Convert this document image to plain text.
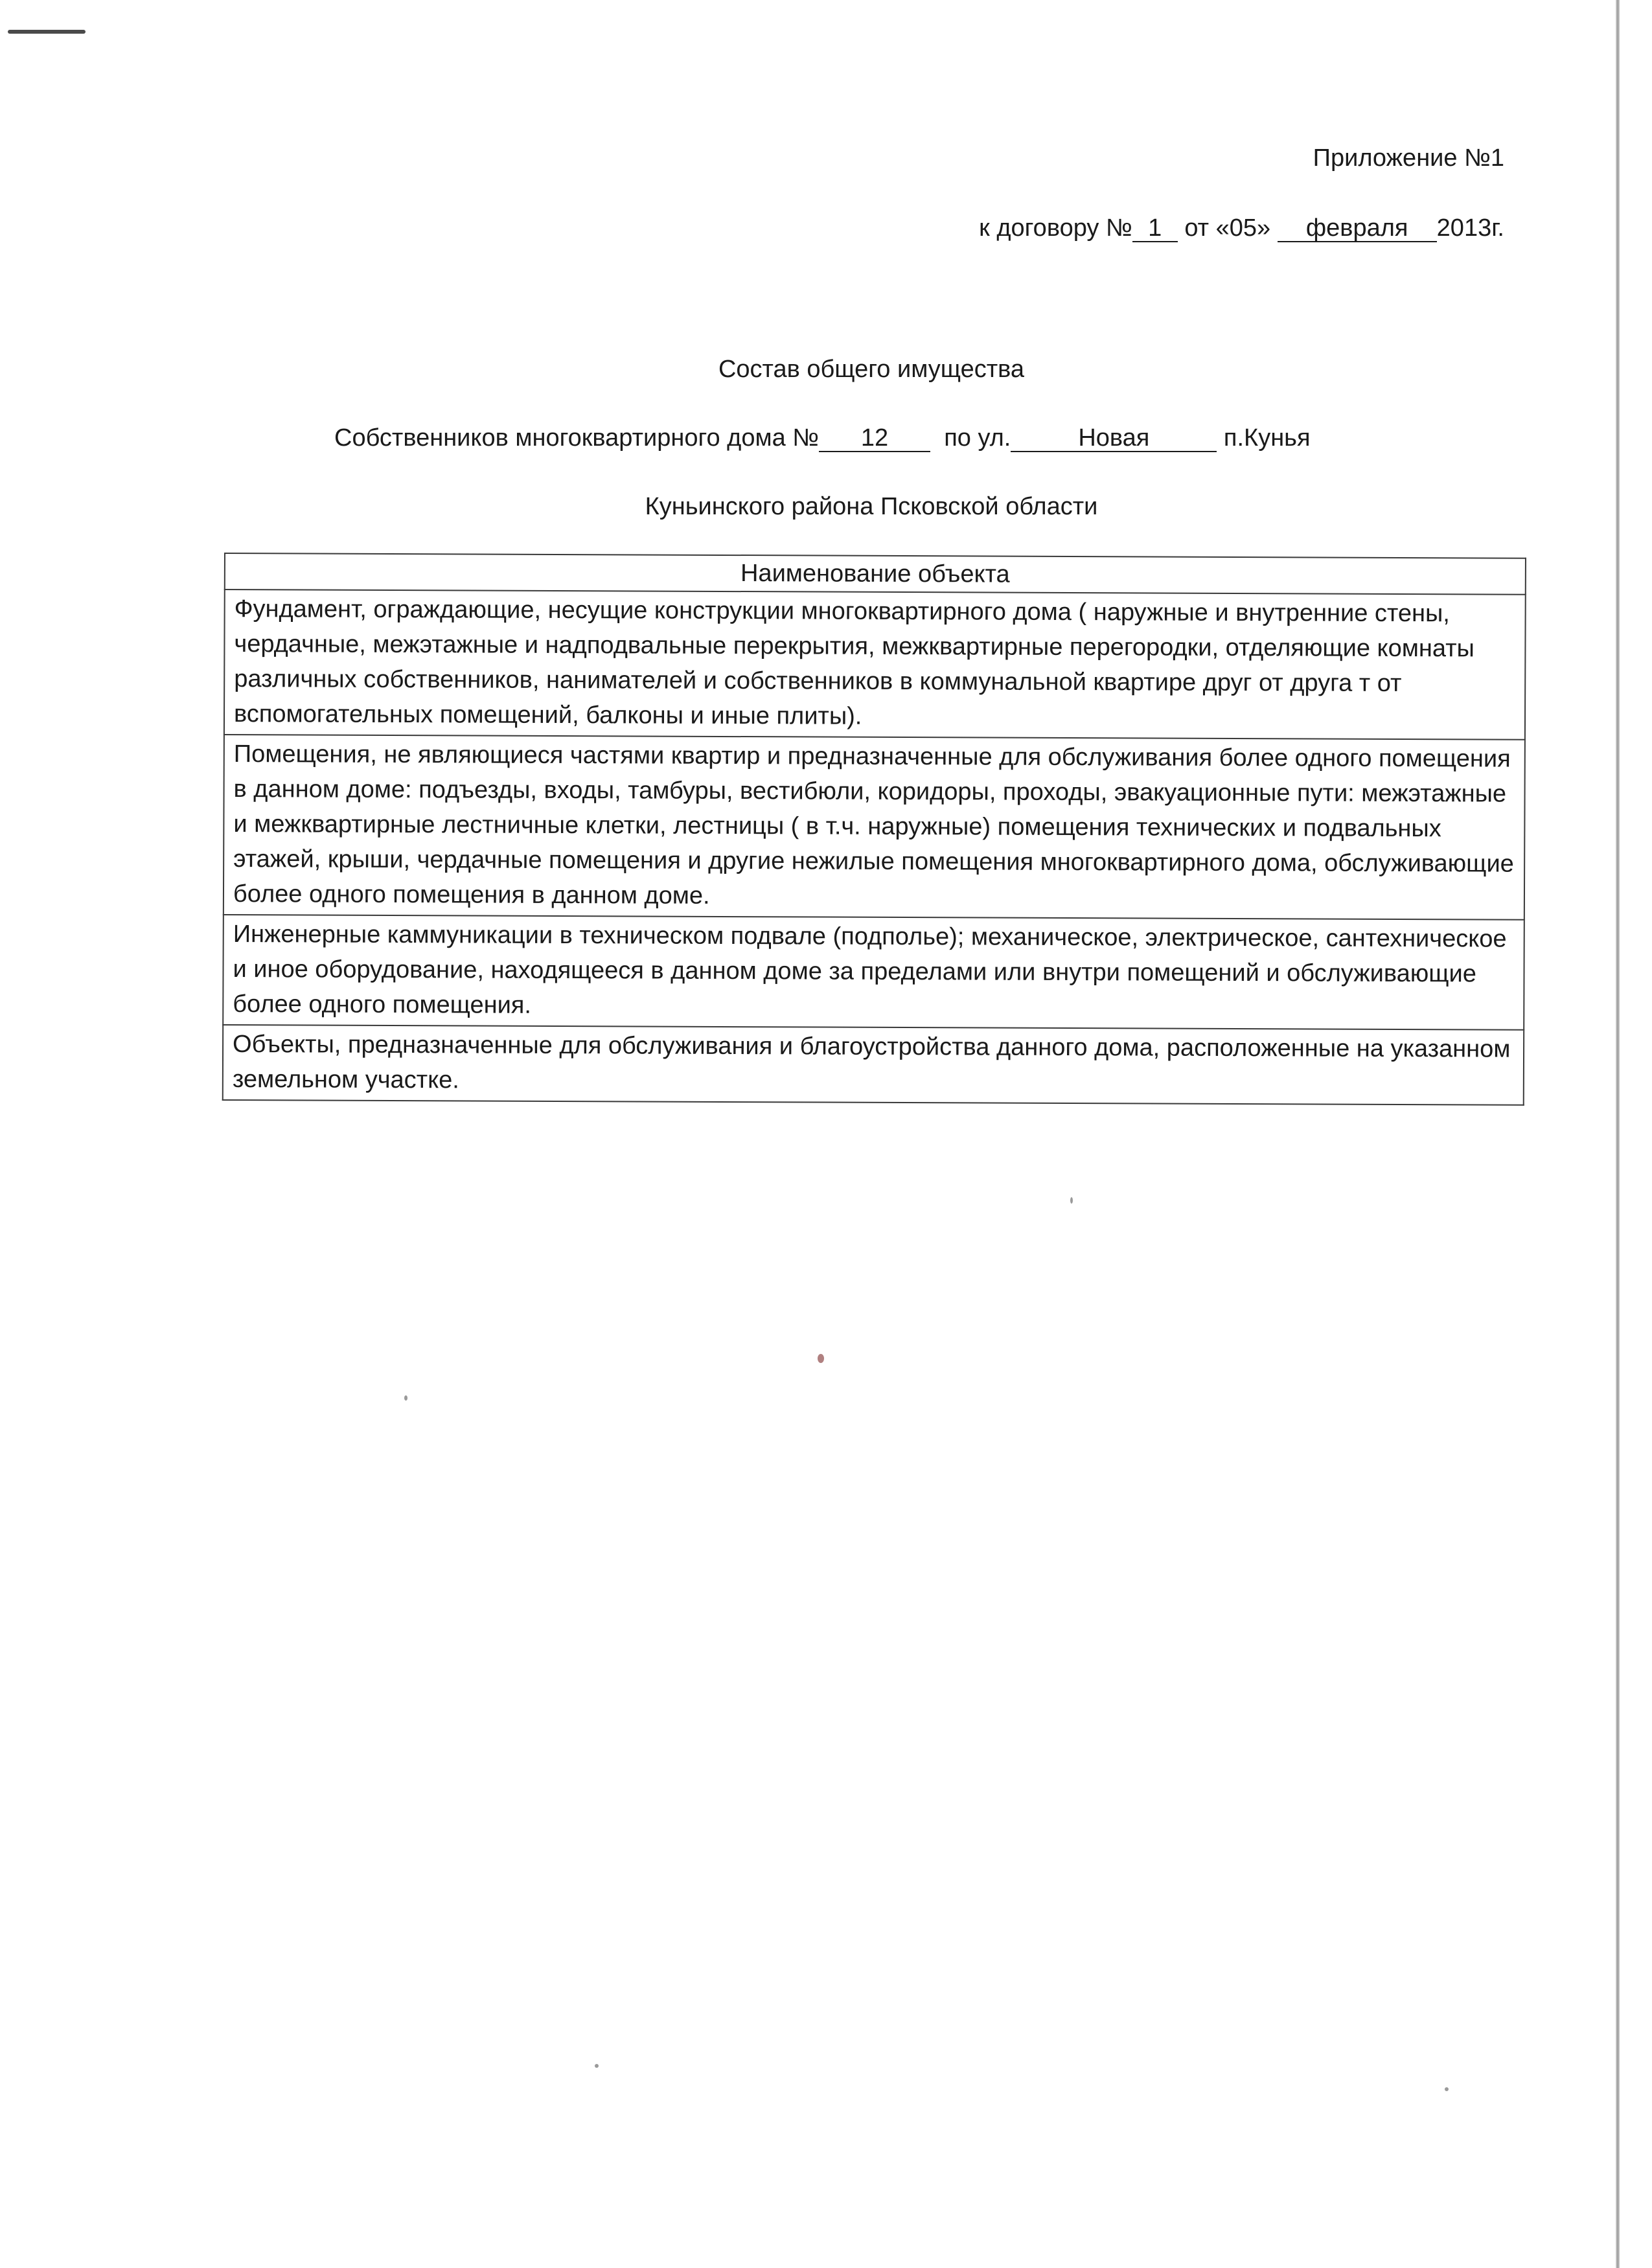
Приложение №1
к договору № 1 от «05» февраля 2013г.
Состав общего имущества
Собственников многоквартирного дома № 12 по ул.	Новая	п.Кунья
Куньинского района Псковской области
Наименование объекта
Фундамент, ограждающие, несущие конструкции многоквартирного дома ( наружные и внутренние стены, чердачные, межэтажные и надподвальные перекрытия, межквартирные перегородки, отделяющие комнаты различных собственников, нанимателей и собственников в коммунальной квартире друг от друга т от вспомогательных помещений, балконы и иные плиты).
Помещения, не являющиеся частями квартир и предназначенные для обслуживания более одного помещения в данном доме: подъезды, входы, тамбуры, вестибюли, коридоры, проходы, эвакуационные пути: межэтажные и межквартирные лестничные клетки, лестницы ( в т.ч. наружные) помещения технических и подвальных этажей, крыши, чердачные помещения и другие нежилые помещения многоквартирного дома, обслуживающие более одного помещения в данном доме.
Инженерные каммуникации в техническом подвале (подполье); механическое, электрическое, сантехническое и иное оборудование, находящееся в данном доме за пределами или внутри помещений и обслуживающие более одного помещения.
Объекты, предназначенные для обслуживания и благоустройства данного дома, расположенные на указанном земельном участке.
